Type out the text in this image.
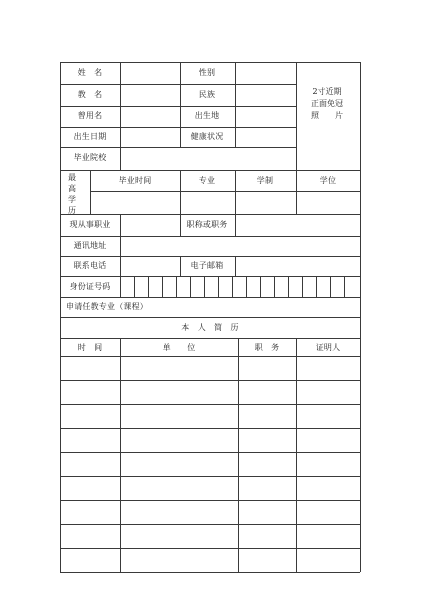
姓　名	性别
教　名	民族
曾用名	出生地
出生日期	健康状况
毕业院校
2寸近期
正面免冠
照　　片
最
高
学
历
毕业时间	专业	学制	学位
现从事职业	职称或职务
通讯地址
联系电话	电子邮箱
身份证号码
申请任教专业（课程）
本　人　简　历
时　间	单　　位	职　务	证明人
